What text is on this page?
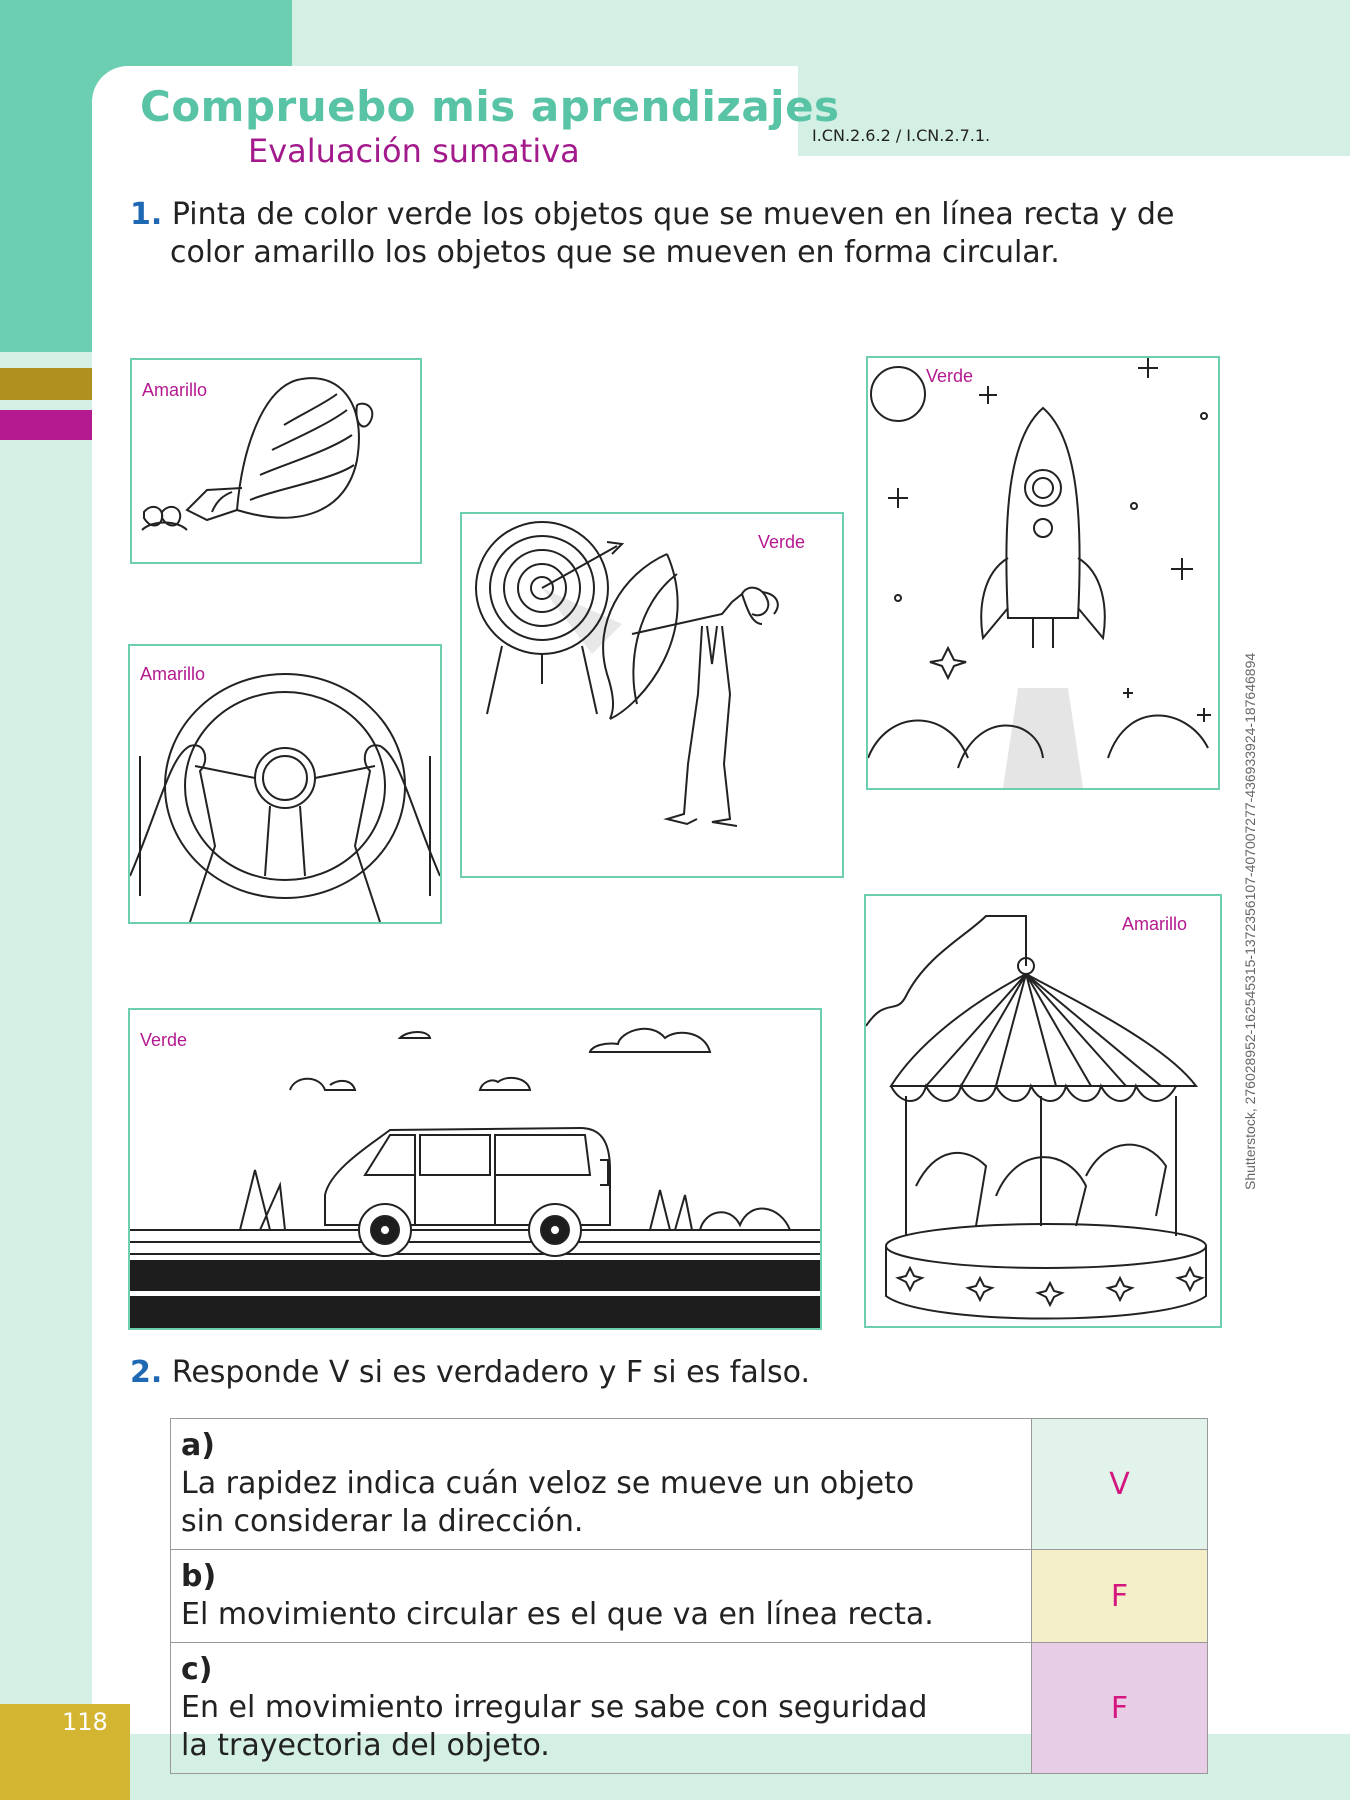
118
Compruebo mis aprendizajes
Evaluación sumativa	I.CN.2.6.2 / I.CN.2.7.1.
1. Pinta de color verde los objetos que se mueven en línea recta y de
color amarillo los objetos que se mueven en forma circular.
Amarillo
Verde
Verde
Amarillo
Amarillo
Verde	Shutterstock, 276028952-162545315-1372356107-407007277-436933924-187646894
2. Responde V si es verdadero y F si es falso.
a)La rapidez indica cuán veloz se mueve un objeto
sin considerar la dirección.	V
b)El movimiento circular es el que va en línea recta.	F
c)En el movimiento irregular se sabe con seguridad
la trayectoria del objeto.	F
